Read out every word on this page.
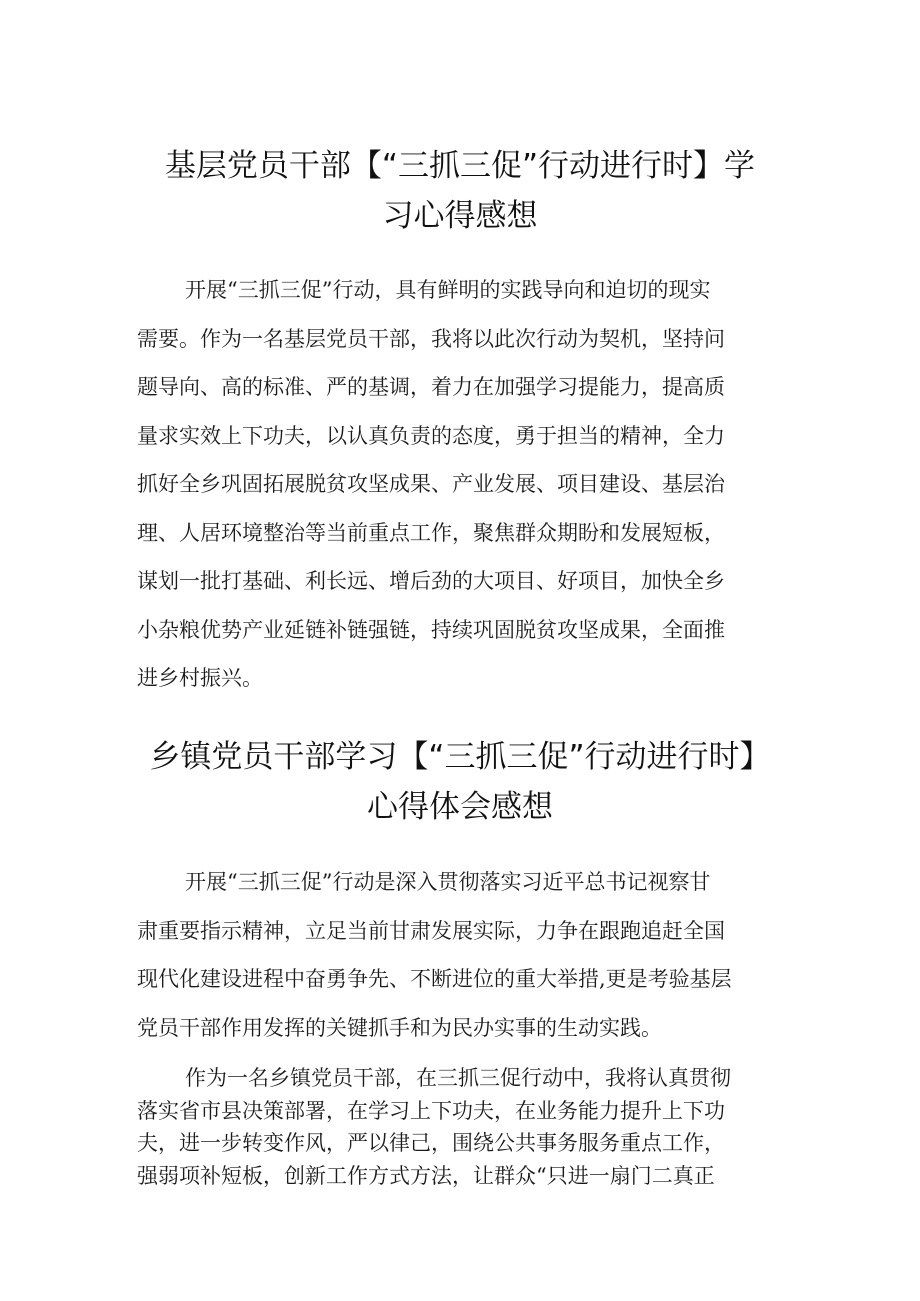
基层党员干部【“三抓三促”行动进行时】学
习心得感想
开展“三抓三促”行动，具有鲜明的实践导向和迫切的现实
需要。作为一名基层党员干部，我将以此次行动为契机，坚持问
题导向、高的标准、严的基调，着力在加强学习提能力，提高质
量求实效上下功夫，以认真负责的态度，勇于担当的精神，全力
抓好全乡巩固拓展脱贫攻坚成果、产业发展、项目建设、基层治
理、人居环境整治等当前重点工作，聚焦群众期盼和发展短板，
谋划一批打基础、利长远、增后劲的大项目、好项目，加快全乡
小杂粮优势产业延链补链强链，持续巩固脱贫攻坚成果，全面推
进乡村振兴。
乡镇党员干部学习【“三抓三促”行动进行时】
心得体会感想
开展“三抓三促”行动是深入贯彻落实习近平总书记视察甘
肃重要指示精神，立足当前甘肃发展实际，力争在跟跑追赶全国
现代化建设进程中奋勇争先、不断进位的重大举措,更是考验基层
党员干部作用发挥的关键抓手和为民办实事的生动实践。
作为一名乡镇党员干部，在三抓三促行动中，我将认真贯彻
落实省市县决策部署，在学习上下功夫，在业务能力提升上下功
夫，进一步转变作风，严以律己，围绕公共事务服务重点工作，
强弱项补短板，创新工作方式方法，让群众“只进一扇门二真正
